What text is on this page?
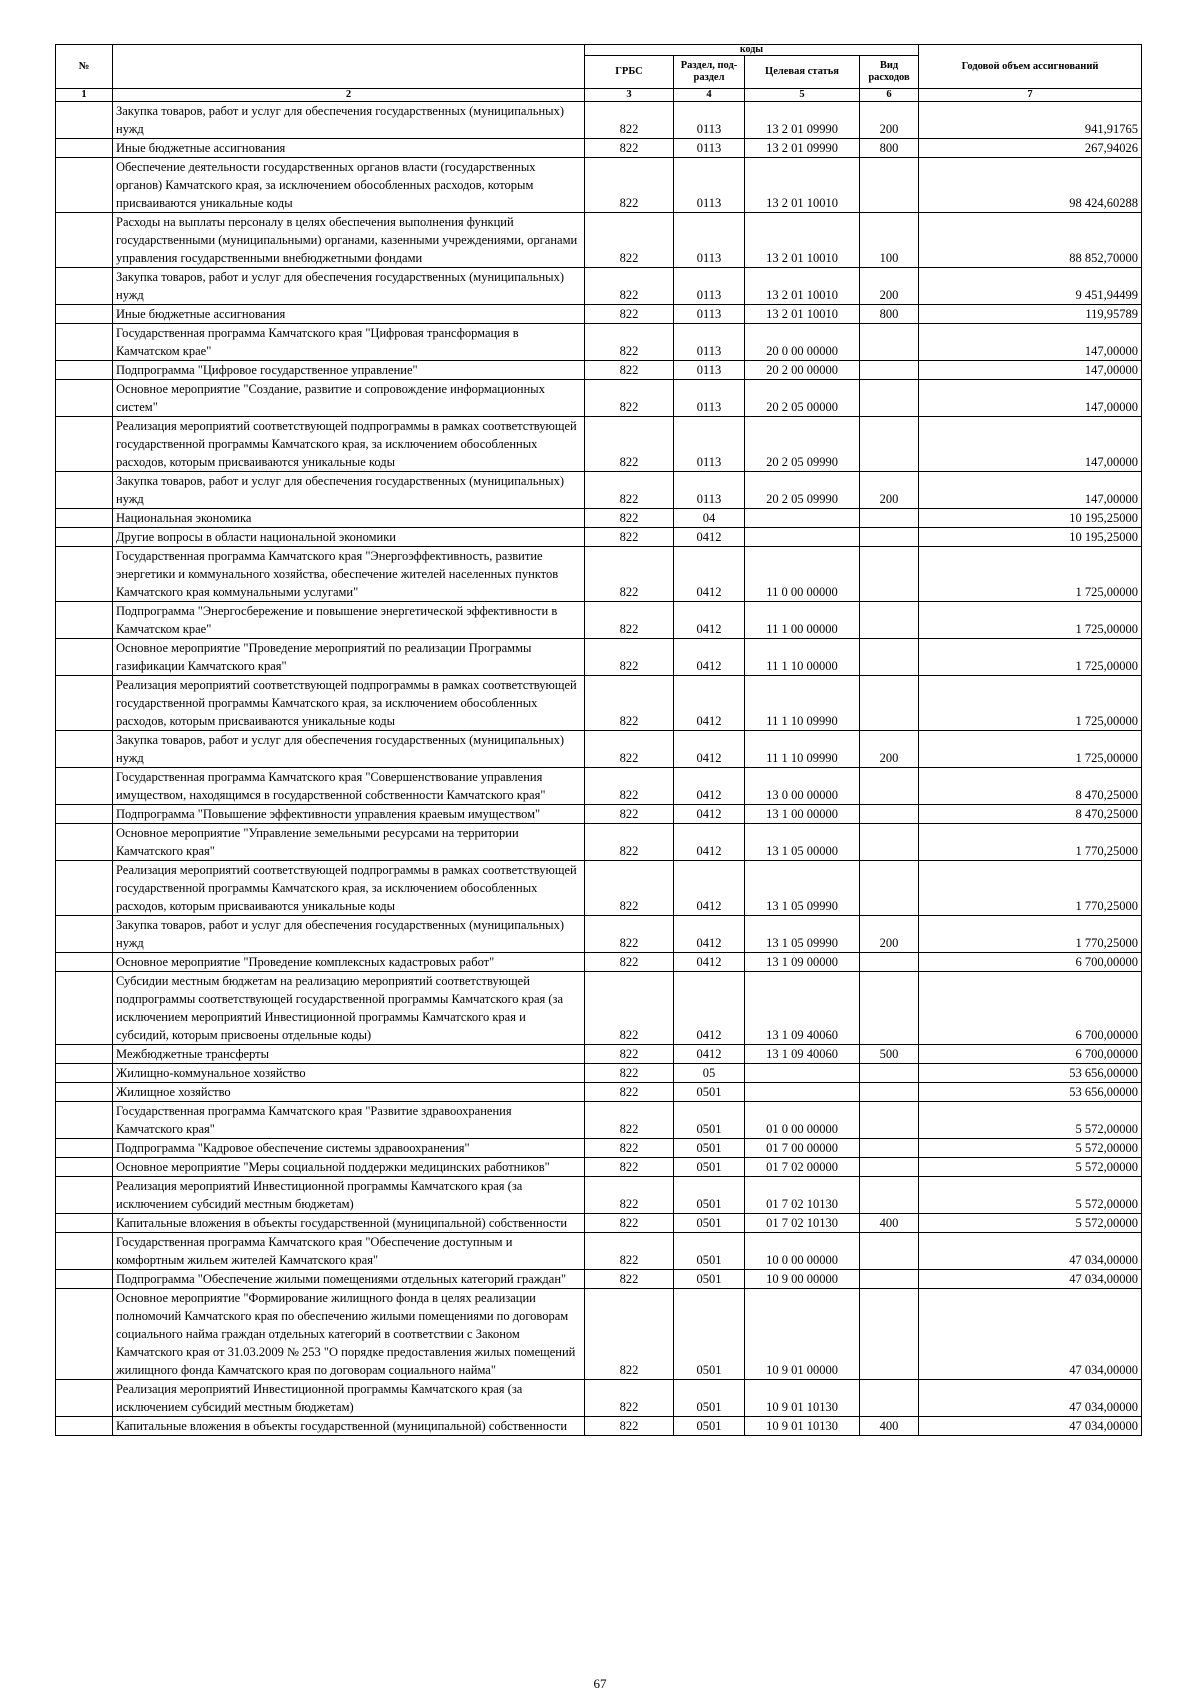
№		коды				Годовой объем ассигнований
		ГРБС	Раздел, под-раздел	Целевая статья	Вид расходов	
1	2	3	4	5	6	7
	Закупка товаров, работ и услуг для обеспечения государственных (муниципальных) нужд	822	0113	13 2 01 09990	200	941,91765
	Иные бюджетные ассигнования	822	0113	13 2 01 09990	800	267,94026
	Обеспечение деятельности государственных органов власти (государственных органов) Камчатского края, за исключением обособленных расходов, которым присваиваются уникальные коды	822	0113	13 2 01 10010		98 424,60288
	Расходы на выплаты персоналу в целях обеспечения выполнения функций государственными (муниципальными) органами, казенными учреждениями, органами управления государственными внебюджетными фондами	822	0113	13 2 01 10010	100	88 852,70000
	Закупка товаров, работ и услуг для обеспечения государственных (муниципальных) нужд	822	0113	13 2 01 10010	200	9 451,94499
	Иные бюджетные ассигнования	822	0113	13 2 01 10010	800	119,95789
	Государственная программа Камчатского края "Цифровая трансформация в Камчатском крае"	822	0113	20 0 00 00000		147,00000
	Подпрограмма "Цифровое государственное управление"	822	0113	20 2 00 00000		147,00000
	Основное мероприятие "Создание, развитие и сопровождение информационных систем"	822	0113	20 2 05 00000		147,00000
	Реализация мероприятий соответствующей подпрограммы в рамках соответствующей государственной программы Камчатского края, за исключением обособленных расходов, которым присваиваются уникальные коды	822	0113	20 2 05 09990		147,00000
	Закупка товаров, работ и услуг для обеспечения государственных (муниципальных) нужд	822	0113	20 2 05 09990	200	147,00000
	Национальная экономика	822	04			10 195,25000
	Другие вопросы в области национальной экономики	822	0412			10 195,25000
	Государственная программа Камчатского края "Энергоэффективность, развитие энергетики и коммунального хозяйства, обеспечение жителей населенных пунктов Камчатского края коммунальными услугами"	822	0412	11 0 00 00000		1 725,00000
	Подпрограмма "Энергосбережение и повышение энергетической эффективности в Камчатском крае"	822	0412	11 1 00 00000		1 725,00000
	Основное мероприятие "Проведение мероприятий по реализации Программы газификации Камчатского края"	822	0412	11 1 10 00000		1 725,00000
	Реализация мероприятий соответствующей подпрограммы в рамках соответствующей государственной программы Камчатского края, за исключением обособленных расходов, которым присваиваются уникальные коды	822	0412	11 1 10 09990		1 725,00000
	Закупка товаров, работ и услуг для обеспечения государственных (муниципальных) нужд	822	0412	11 1 10 09990	200	1 725,00000
	Государственная программа Камчатского края "Совершенствование управления имуществом, находящимся в государственной собственности Камчатского края"	822	0412	13 0 00 00000		8 470,25000
	Подпрограмма "Повышение эффективности управления краевым имуществом"	822	0412	13 1 00 00000		8 470,25000
	Основное мероприятие "Управление земельными ресурсами на территории Камчатского края"	822	0412	13 1 05 00000		1 770,25000
	Реализация мероприятий соответствующей подпрограммы в рамках соответствующей государственной программы Камчатского края, за исключением обособленных расходов, которым присваиваются уникальные коды	822	0412	13 1 05 09990		1 770,25000
	Закупка товаров, работ и услуг для обеспечения государственных (муниципальных) нужд	822	0412	13 1 05 09990	200	1 770,25000
	Основное мероприятие "Проведение комплексных кадастровых работ"	822	0412	13 1 09 00000		6 700,00000
	Субсидии местным бюджетам на реализацию мероприятий соответствующей подпрограммы соответствующей государственной программы Камчатского края (за исключением мероприятий Инвестиционной программы Камчатского края и субсидий, которым присвоены отдельные коды)	822	0412	13 1 09 40060		6 700,00000
	Межбюджетные трансферты	822	0412	13 1 09 40060	500	6 700,00000
	Жилищно-коммунальное хозяйство	822	05			53 656,00000
	Жилищное хозяйство	822	0501			53 656,00000
	Государственная программа Камчатского края "Развитие здравоохранения Камчатского края"	822	0501	01 0 00 00000		5 572,00000
	Подпрограмма "Кадровое обеспечение системы здравоохранения"	822	0501	01 7 00 00000		5 572,00000
	Основное мероприятие "Меры социальной поддержки медицинских работников"	822	0501	01 7 02 00000		5 572,00000
	Реализация мероприятий Инвестиционной программы Камчатского края (за исключением субсидий местным бюджетам)	822	0501	01 7 02 10130		5 572,00000
	Капитальные вложения в объекты государственной (муниципальной) собственности	822	0501	01 7 02 10130	400	5 572,00000
	Государственная программа Камчатского края "Обеспечение доступным и комфортным жильем жителей Камчатского края"	822	0501	10 0 00 00000		47 034,00000
	Подпрограмма "Обеспечение жилыми помещениями отдельных категорий граждан"	822	0501	10 9 00 00000		47 034,00000
	Основное мероприятие "Формирование жилищного фонда в целях реализации полномочий Камчатского края по обеспечению жилыми помещениями по договорам социального найма граждан отдельных категорий в соответствии с Законом Камчатского края от 31.03.2009 № 253 "О порядке предоставления жилых помещений жилищного фонда Камчатского края по договорам социального найма"	822	0501	10 9 01 00000		47 034,00000
	Реализация мероприятий Инвестиционной программы Камчатского края (за исключением субсидий местным бюджетам)	822	0501	10 9 01 10130		47 034,00000
	Капитальные вложения в объекты государственной (муниципальной) собственности	822	0501	10 9 01 10130	400	47 034,00000
67
